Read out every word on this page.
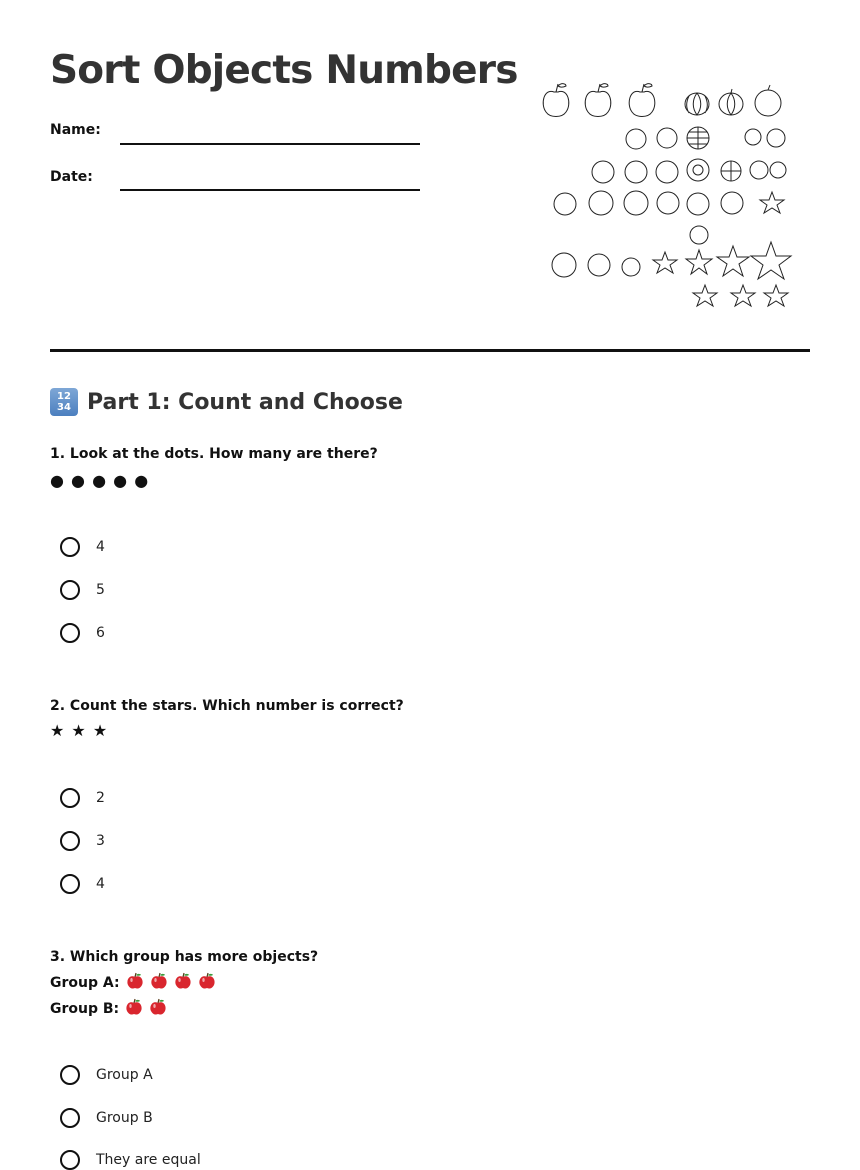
Sort Objects Numbers
Name:
Date:
12
34 Part 1: Count and Choose
1. Look at the dots. How many are there?
● ● ● ● ●
4
5
6
2. Count the stars. Which number is correct?
★ ★ ★
2
3
4
3. Which group has more objects?
Group A:
Group B:
Group A
Group B
They are equal
